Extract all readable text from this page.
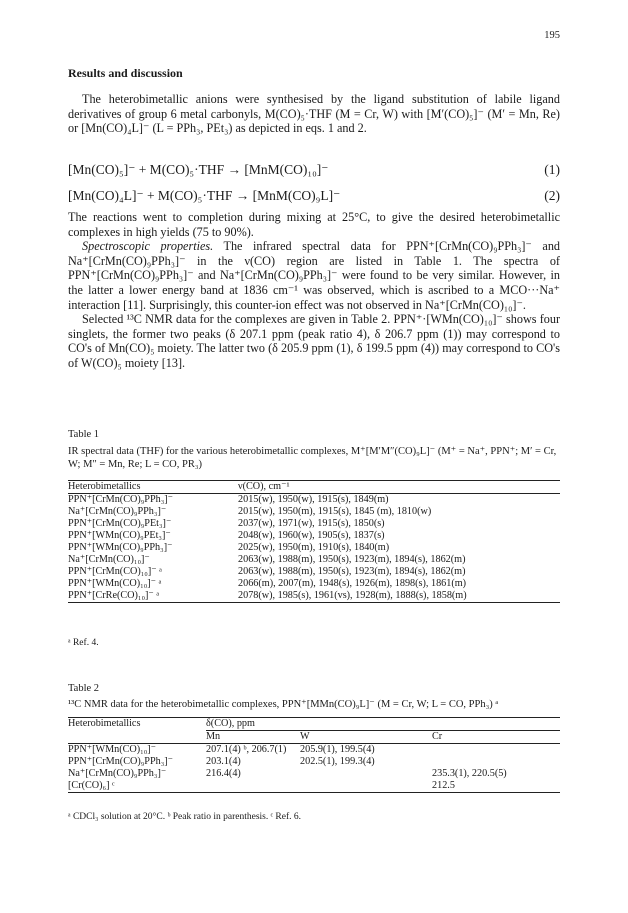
195
Results and discussion

The heterobimetallic anions were synthesised by the ligand substitution of labile ligand derivatives of group 6 metal carbonyls, M(CO)₅·THF (M = Cr, W) with [M′(CO)₅]⁻ (M′ = Mn, Re) or [Mn(CO)₄L]⁻ (L = PPh₃, PEt₃) as depicted in eqs. 1 and 2.

[Mn(CO)₅]⁻ + M(CO)₅·THF → [MnM(CO)₁₀]⁻	(1)
[Mn(CO)₄L]⁻ + M(CO)₅·THF → [MnM(CO)₉L]⁻	(2)

The reactions went to completion during mixing at 25°C, to give the desired heterobimetallic complexes in high yields (75 to 90%).

Spectroscopic properties. The infrared spectral data for PPN⁺[CrMn(CO)₉PPh₃]⁻ and Na⁺[CrMn(CO)₉PPh₃]⁻ in the ν(CO) region are listed in Table 1. The spectra of PPN⁺[CrMn(CO)₉PPh₃]⁻ and Na⁺[CrMn(CO)₉PPh₃]⁻ were found to be very similar. However, in the latter a lower energy band at 1836 cm⁻¹ was observed, which is ascribed to a MCO···Na⁺ interaction [11]. Surprisingly, this counter-ion effect was not observed in Na⁺[CrMn(CO)₁₀]⁻.

Selected ¹³C NMR data for the complexes are given in Table 2. PPN⁺·[WMn(CO)₁₀]⁻ shows four singlets, the former two peaks (δ 207.1 ppm (peak ratio 4), δ 206.7 ppm (1)) may correspond to CO's of Mn(CO)₅ moiety. The latter two (δ 205.9 ppm (1), δ 199.5 ppm (4)) may correspond to CO's of W(CO)₅ moiety [13].

Table 1
IR spectral data (THF) for the various heterobimetallic complexes, M⁺[M′M″(CO)₉L]⁻ (M⁺ = Na⁺, PPN⁺; M′ = Cr, W; M″ = Mn, Re; L = CO, PR₃)
Heterobimetallics	ν(CO), cm⁻¹
PPN⁺[CrMn(CO)₉PPh₃]⁻	2015(w), 1950(w), 1915(s), 1849(m)
Na⁺[CrMn(CO)₉PPh₃]⁻	2015(w), 1950(m), 1915(s), 1845 (m), 1810(w)
PPN⁺[CrMn(CO)₉PEt₃]⁻	2037(w), 1971(w), 1915(s), 1850(s)
PPN⁺[WMn(CO)₉PEt₃]⁻	2048(w), 1960(w), 1905(s), 1837(s)
PPN⁺[WMn(CO)₉PPh₃]⁻	2025(w), 1950(m), 1910(s), 1840(m)
Na⁺[CrMn(CO)₁₀]⁻	2063(w), 1988(m), 1950(s), 1923(m), 1894(s), 1862(m)
PPN⁺[CrMn(CO)₁₀]⁻ ᵃ	2063(w), 1988(m), 1950(s), 1923(m), 1894(s), 1862(m)
PPN⁺[WMn(CO)₁₀]⁻ ᵃ	2066(m), 2007(m), 1948(s), 1926(m), 1898(s), 1861(m)
PPN⁺[CrRe(CO)₁₀]⁻ ᵃ	2078(w), 1985(s), 1961(vs), 1928(m), 1888(s), 1858(m)
ᵃ Ref. 4.
Table 2
¹³C NMR data for the heterobimetallic complexes, PPN⁺[MMn(CO)₉L]⁻ (M = Cr, W; L = CO, PPh₃) ᵃ
Heterobimetallics	δ(CO), ppm		
	Mn	W	Cr
PPN⁺[WMn(CO)₁₀]⁻	207.1(4) ᵇ, 206.7(1)	205.9(1), 199.5(4)	
PPN⁺[CrMn(CO)₉PPh₃]⁻	203.1(4)	202.5(1), 199.3(4)	
Na⁺[CrMn(CO)₉PPh₃]⁻	216.4(4)		235.3(1), 220.5(5)
[Cr(CO)₆] ᶜ			212.5
ᵃ CDCl₃ solution at 20°C. ᵇ Peak ratio in parenthesis. ᶜ Ref. 6.
